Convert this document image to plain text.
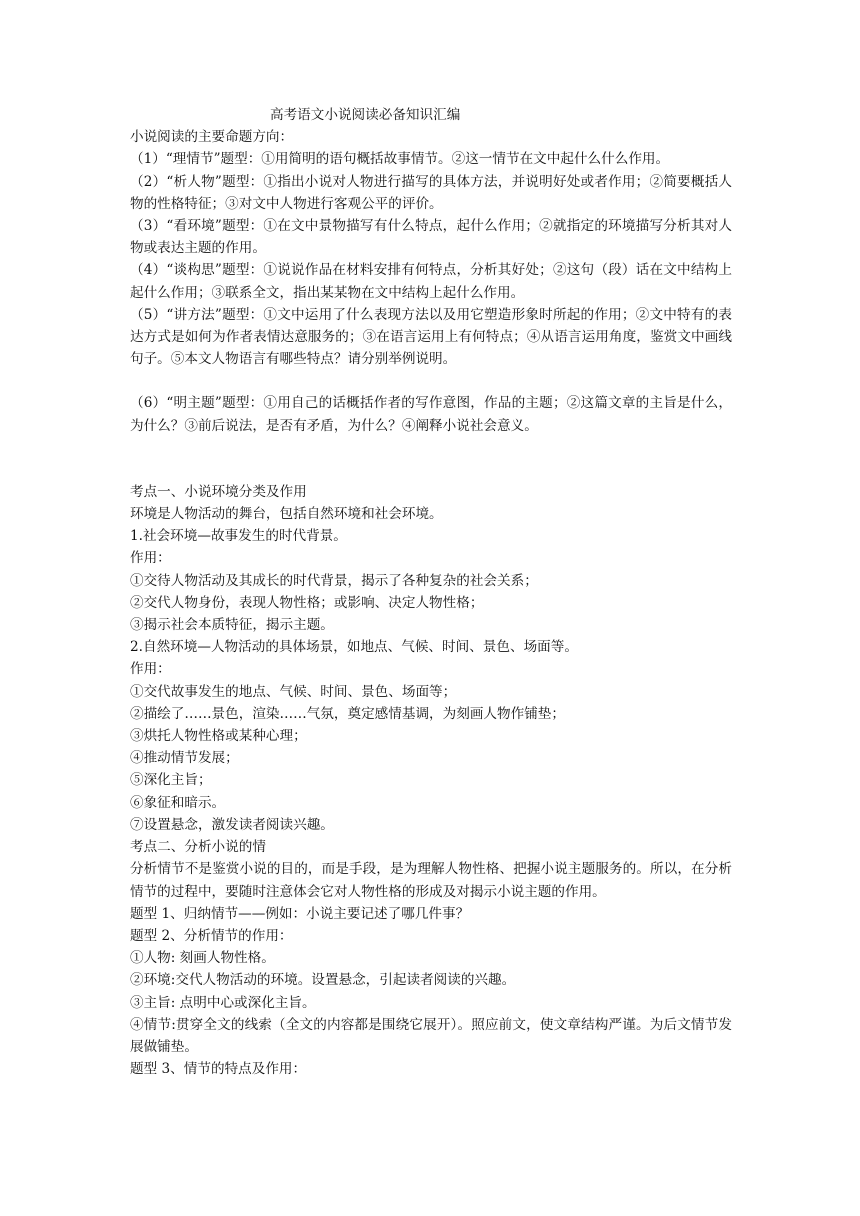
高考语文小说阅读必备知识汇编
小说阅读的主要命题方向：
（1）“理情节”题型：①用简明的语句概括故事情节。②这一情节在文中起什么什么作用。
（2）“析人物”题型：①指出小说对人物进行描写的具体方法，并说明好处或者作用；②简要概括人物的性格特征；③对文中人物进行客观公平的评价。
（3）“看环境”题型：①在文中景物描写有什么特点，起什么作用；②就指定的环境描写分析其对人物或表达主题的作用。
（4）“谈构思”题型：①说说作品在材料安排有何特点，分析其好处；②这句（段）话在文中结构上起什么作用；③联系全文，指出某某物在文中结构上起什么作用。
（5）“讲方法”题型：①文中运用了什么表现方法以及用它塑造形象时所起的作用；②文中特有的表达方式是如何为作者表情达意服务的；③在语言运用上有何特点；④从语言运用角度，鉴赏文中画线句子。⑤本文人物语言有哪些特点？请分别举例说明。
（6）“明主题”题型：①用自己的话概括作者的写作意图，作品的主题；②这篇文章的主旨是什么，为什么？③前后说法，是否有矛盾，为什么？④阐释小说社会意义。
考点一、小说环境分类及作用
环境是人物活动的舞台，包括自然环境和社会环境。
1.社会环境—故事发生的时代背景。
作用：
①交待人物活动及其成长的时代背景，揭示了各种复杂的社会关系；
②交代人物身份，表现人物性格；或影响、决定人物性格；
③揭示社会本质特征，揭示主题。
2.自然环境—人物活动的具体场景，如地点、气候、时间、景色、场面等。
作用：
①交代故事发生的地点、气候、时间、景色、场面等；
②描绘了……景色，渲染……气氛，奠定感情基调，为刻画人物作铺垫；
③烘托人物性格或某种心理；
④推动情节发展；
⑤深化主旨；
⑥象征和暗示。
⑦设置悬念，激发读者阅读兴趣。
考点二、分析小说的情
分析情节不是鉴赏小说的目的，而是手段，是为理解人物性格、把握小说主题服务的。所以，在分析情节的过程中，要随时注意体会它对人物性格的形成及对揭示小说主题的作用。
题型 1、归纳情节——例如：小说主要记述了哪几件事？
题型 2、分析情节的作用：
①人物: 刻画人物性格。
②环境:交代人物活动的环境。设置悬念，引起读者阅读的兴趣。
③主旨: 点明中心或深化主旨。
④情节:贯穿全文的线索（全文的内容都是围绕它展开）。照应前文，使文章结构严谨。为后文情节发展做铺垫。
题型 3、情节的特点及作用：
